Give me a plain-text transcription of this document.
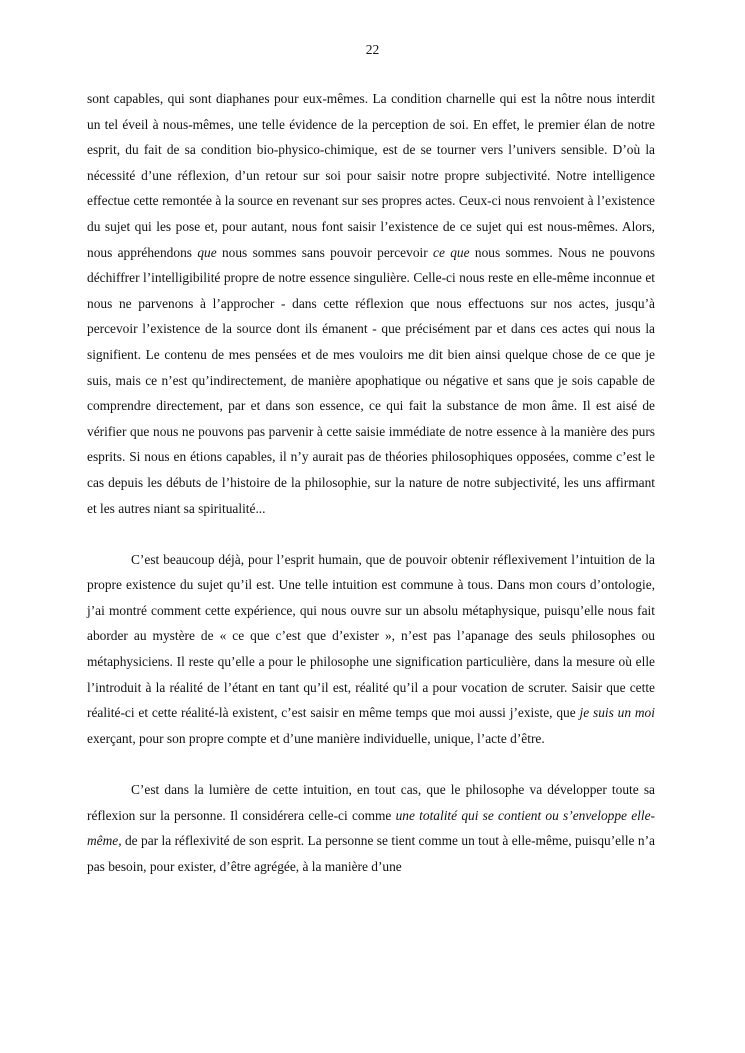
22

sont capables, qui sont diaphanes pour eux-mêmes. La condition charnelle qui est la nôtre nous interdit un tel éveil à nous-mêmes, une telle évidence de la perception de soi. En effet, le premier élan de notre esprit, du fait de sa condition bio-physico-chimique, est de se tourner vers l’univers sensible. D’où la nécessité d’une réflexion, d’un retour sur soi pour saisir notre propre subjectivité. Notre intelligence effectue cette remontée à la source en revenant sur ses propres actes. Ceux-ci nous renvoient à l’existence du sujet qui les pose et, pour autant, nous font saisir l’existence de ce sujet qui est nous-mêmes. Alors, nous appréhendons que nous sommes sans pouvoir percevoir ce que nous sommes. Nous ne pouvons déchiffrer l’intelligibilité propre de notre essence singulière. Celle-ci nous reste en elle-même inconnue et nous ne parvenons à l’approcher - dans cette réflexion que nous effectuons sur nos actes, jusqu’à percevoir l’existence de la source dont ils émanent - que précisément par et dans ces actes qui nous la signifient. Le contenu de mes pensées et de mes vouloirs me dit bien ainsi quelque chose de ce que je suis, mais ce n’est qu’indirectement, de manière apophatique ou négative et sans que je sois capable de comprendre directement, par et dans son essence, ce qui fait la substance de mon âme. Il est aisé de vérifier que nous ne pouvons pas parvenir à cette saisie immédiate de notre essence à la manière des purs esprits. Si nous en étions capables, il n’y aurait pas de théories philosophiques opposées, comme c’est le cas depuis les débuts de l’histoire de la philosophie, sur la nature de notre subjectivité, les uns affirmant et les autres niant sa spiritualité...

C’est beaucoup déjà, pour l’esprit humain, que de pouvoir obtenir réflexivement l’intuition de la propre existence du sujet qu’il est. Une telle intuition est commune à tous. Dans mon cours d’ontologie, j’ai montré comment cette expérience, qui nous ouvre sur un absolu métaphysique, puisqu’elle nous fait aborder au mystère de « ce que c’est que d’exister », n’est pas l’apanage des seuls philosophes ou métaphysiciens. Il reste qu’elle a pour le philosophe une signification particulière, dans la mesure où elle l’introduit à la réalité de l’étant en tant qu’il est, réalité qu’il a pour vocation de scruter. Saisir que cette réalité-ci et cette réalité-là existent, c’est saisir en même temps que moi aussi j’existe, que je suis un moi exerçant, pour son propre compte et d’une manière individuelle, unique, l’acte d’être.

C’est dans la lumière de cette intuition, en tout cas, que le philosophe va développer toute sa réflexion sur la personne. Il considérera celle-ci comme une totalité qui se contient ou s’enveloppe elle-même, de par la réflexivité de son esprit. La personne se tient comme un tout à elle-même, puisqu’elle n’a pas besoin, pour exister, d’être agrégée, à la manière d’une
